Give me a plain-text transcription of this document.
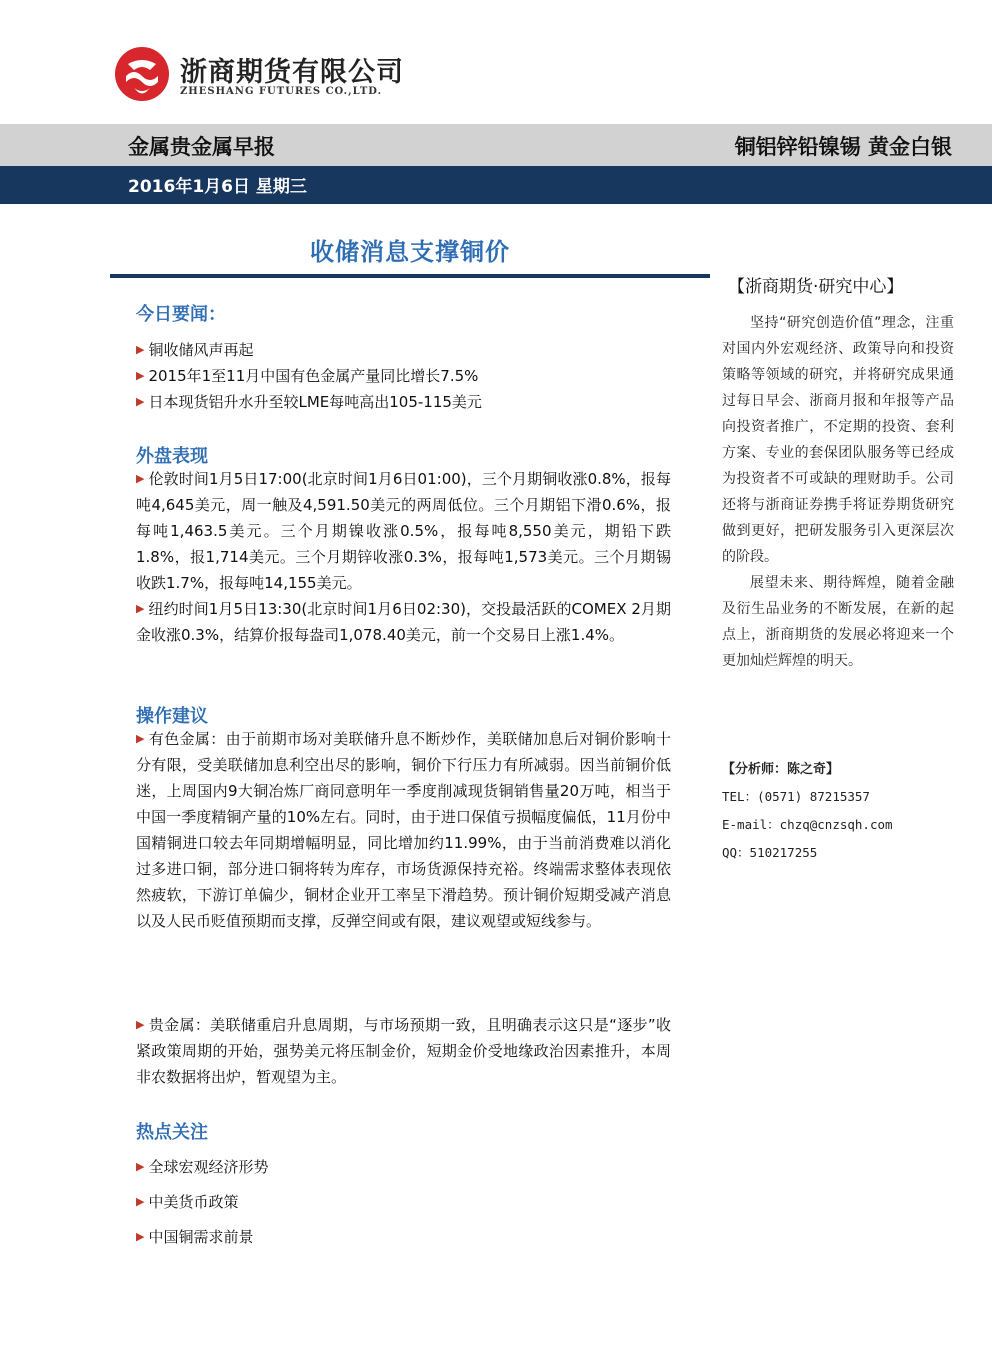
浙商期货有限公司
ZHESHANG FUTURES CO.,LTD.
金属贵金属早报	铜铝锌铅镍锡 黄金白银
2016年1月6日 星期三
收储消息支撑铜价
今日要闻：
▶ 铜收储风声再起
▶ 2015年1至11月中国有色金属产量同比增长7.5%
▶ 日本现货铝升水升至较LME每吨高出105-115美元
外盘表现
▶ 伦敦时间1月5日17:00(北京时间1月6日01:00)，三个月期铜收涨0.8%，报每吨4,645美元，周一触及4,591.50美元的两周低位。三个月期铝下滑0.6%，报每吨1,463.5美元。三个月期镍收涨0.5%，报每吨8,550美元，期铅下跌1.8%，报1,714美元。三个月期锌收涨0.3%，报每吨1,573美元。三个月期锡收跌1.7%，报每吨14,155美元。
▶ 纽约时间1月5日13:30(北京时间1月6日02:30)，交投最活跃的COMEX 2月期金收涨0.3%，结算价报每盎司1,078.40美元，前一个交易日上涨1.4%。
操作建议
▶ 有色金属：由于前期市场对美联储升息不断炒作，美联储加息后对铜价影响十分有限，受美联储加息利空出尽的影响，铜价下行压力有所减弱。因当前铜价低迷，上周国内9大铜冶炼厂商同意明年一季度削减现货铜销售量20万吨，相当于中国一季度精铜产量的10%左右。同时，由于进口保值亏损幅度偏低，11月份中国精铜进口较去年同期增幅明显，同比增加约11.99%，由于当前消费难以消化过多进口铜，部分进口铜将转为库存，市场货源保持充裕。终端需求整体表现依然疲软，下游订单偏少，铜材企业开工率呈下滑趋势。预计铜价短期受减产消息以及人民币贬值预期而支撑，反弹空间或有限，建议观望或短线参与。
▶ 贵金属：美联储重启升息周期，与市场预期一致，且明确表示这只是“逐步”收紧政策周期的开始，强势美元将压制金价，短期金价受地缘政治因素推升，本周非农数据将出炉，暂观望为主。
热点关注
▶ 全球宏观经济形势
▶ 中美货币政策
▶ 中国铜需求前景
【浙商期货·研究中心】
坚持“研究创造价值”理念，注重对国内外宏观经济、政策导向和投资策略等领域的研究，并将研究成果通过每日早会、浙商月报和年报等产品向投资者推广，不定期的投资、套利方案、专业的套保团队服务等已经成为投资者不可或缺的理财助手。公司还将与浙商证券携手将证券期货研究做到更好，把研发服务引入更深层次的阶段。
展望未来、期待辉煌，随着金融及衍生品业务的不断发展，在新的起点上，浙商期货的发展必将迎来一个更加灿烂辉煌的明天。
【分析师：陈之奇】
TEL：(0571) 87215357
E-mail：chzq@cnzsqh.com
QQ：510217255
